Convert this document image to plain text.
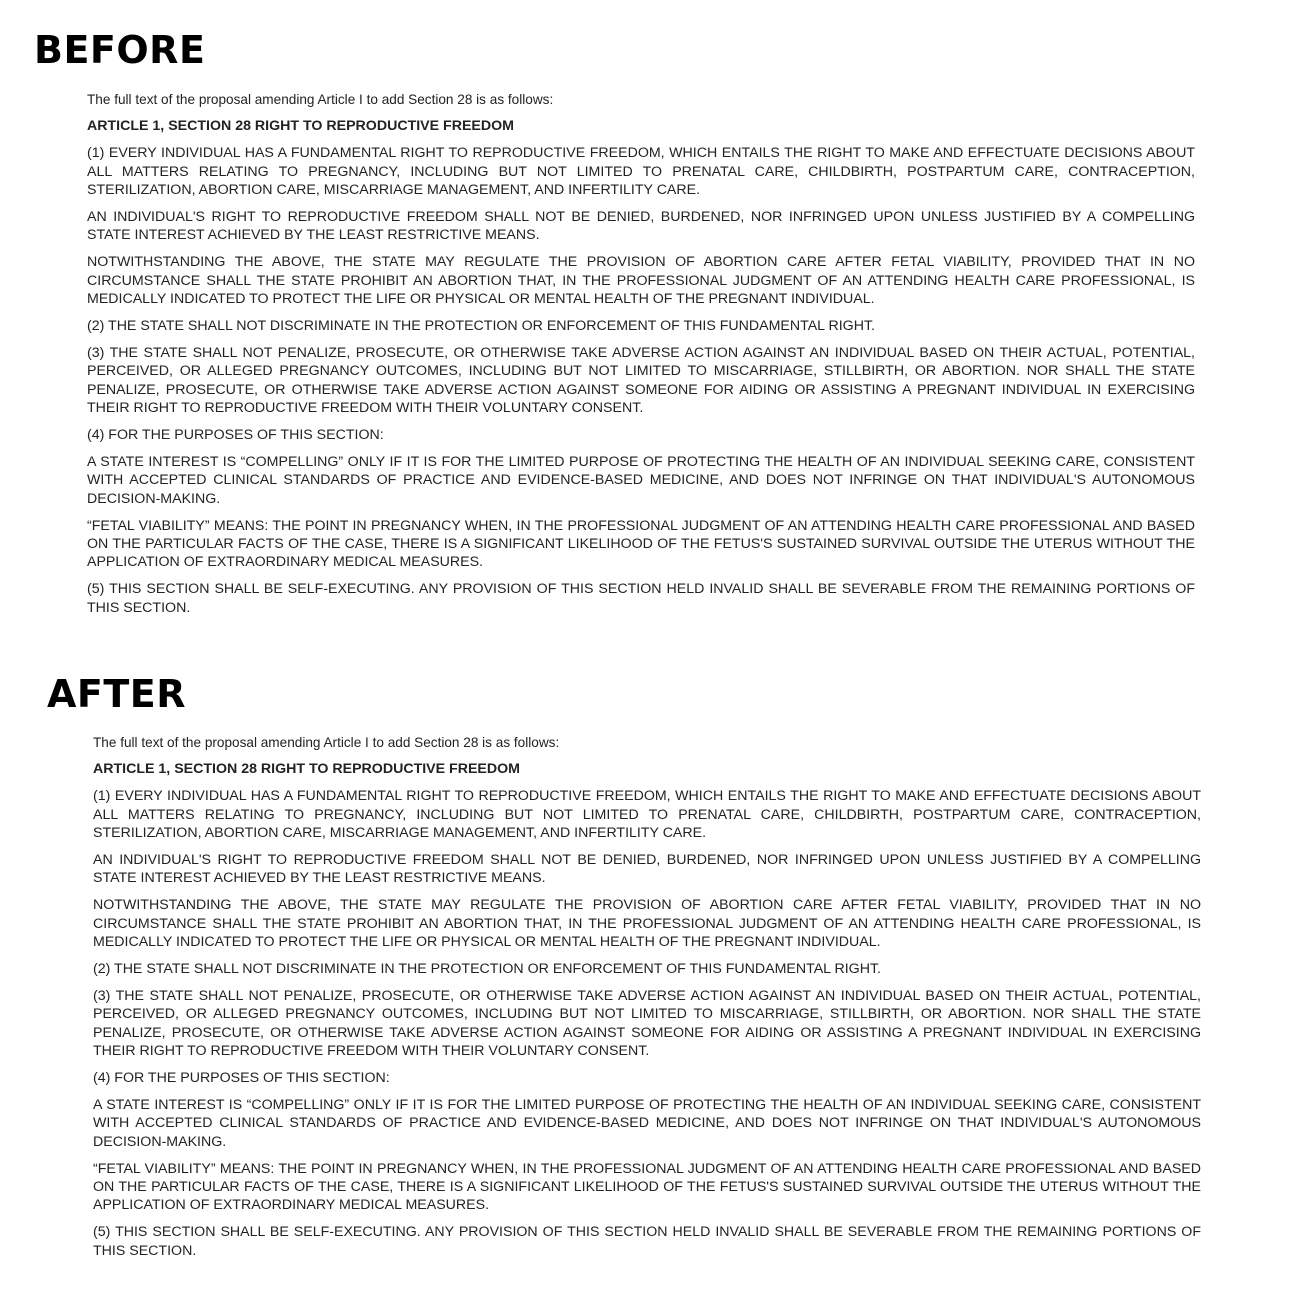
BEFORE

The full text of the proposal amending Article I to add Section 28 is as follows:

ARTICLE 1, SECTION 28 RIGHT TO REPRODUCTIVE FREEDOM

(1) EVERY INDIVIDUAL HAS A FUNDAMENTAL RIGHT TO REPRODUCTIVE FREEDOM, WHICH ENTAILS THE RIGHT TO MAKE AND EFFECTUATE DECISIONS ABOUT ALL MATTERS RELATING TO PREGNANCY, INCLUDING BUT NOT LIMITED TO PRENATAL CARE, CHILDBIRTH, POSTPARTUM CARE, CONTRACEPTION, STERILIZATION, ABORTION CARE, MISCARRIAGE MANAGEMENT, AND INFERTILITY CARE.

AN INDIVIDUAL'S RIGHT TO REPRODUCTIVE FREEDOM SHALL NOT BE DENIED, BURDENED, NOR INFRINGED UPON UNLESS JUSTIFIED BY A COMPELLING STATE INTEREST ACHIEVED BY THE LEAST RESTRICTIVE MEANS.

NOTWITHSTANDING THE ABOVE, THE STATE MAY REGULATE THE PROVISION OF ABORTION CARE AFTER FETAL VIABILITY, PROVIDED THAT IN NO CIRCUMSTANCE SHALL THE STATE PROHIBIT AN ABORTION THAT, IN THE PROFESSIONAL JUDGMENT OF AN ATTENDING HEALTH CARE PROFESSIONAL, IS MEDICALLY INDICATED TO PROTECT THE LIFE OR PHYSICAL OR MENTAL HEALTH OF THE PREGNANT INDIVIDUAL.

(2) THE STATE SHALL NOT DISCRIMINATE IN THE PROTECTION OR ENFORCEMENT OF THIS FUNDAMENTAL RIGHT.

(3) THE STATE SHALL NOT PENALIZE, PROSECUTE, OR OTHERWISE TAKE ADVERSE ACTION AGAINST AN INDIVIDUAL BASED ON THEIR ACTUAL, POTENTIAL, PERCEIVED, OR ALLEGED PREGNANCY OUTCOMES, INCLUDING BUT NOT LIMITED TO MISCARRIAGE, STILLBIRTH, OR ABORTION. NOR SHALL THE STATE PENALIZE, PROSECUTE, OR OTHERWISE TAKE ADVERSE ACTION AGAINST SOMEONE FOR AIDING OR ASSISTING A PREGNANT INDIVIDUAL IN EXERCISING THEIR RIGHT TO REPRODUCTIVE FREEDOM WITH THEIR VOLUNTARY CONSENT.

(4) FOR THE PURPOSES OF THIS SECTION:

A STATE INTEREST IS “COMPELLING” ONLY IF IT IS FOR THE LIMITED PURPOSE OF PROTECTING THE HEALTH OF AN INDIVIDUAL SEEKING CARE, CONSISTENT WITH ACCEPTED CLINICAL STANDARDS OF PRACTICE AND EVIDENCE-BASED MEDICINE, AND DOES NOT INFRINGE ON THAT INDIVIDUAL'S AUTONOMOUS DECISION-MAKING.

“FETAL VIABILITY” MEANS: THE POINT IN PREGNANCY WHEN, IN THE PROFESSIONAL JUDGMENT OF AN ATTENDING HEALTH CARE PROFESSIONAL AND BASED ON THE PARTICULAR FACTS OF THE CASE, THERE IS A SIGNIFICANT LIKELIHOOD OF THE FETUS'S SUSTAINED SURVIVAL OUTSIDE THE UTERUS WITHOUT THE APPLICATION OF EXTRAORDINARY MEDICAL MEASURES.

(5) THIS SECTION SHALL BE SELF-EXECUTING. ANY PROVISION OF THIS SECTION HELD INVALID SHALL BE SEVERABLE FROM THE REMAINING PORTIONS OF THIS SECTION.

AFTER

The full text of the proposal amending Article I to add Section 28 is as follows:

ARTICLE 1, SECTION 28 RIGHT TO REPRODUCTIVE FREEDOM

(1) EVERY INDIVIDUAL HAS A FUNDAMENTAL RIGHT TO REPRODUCTIVE FREEDOM, WHICH ENTAILS THE RIGHT TO MAKE AND EFFECTUATE DECISIONS ABOUT ALL MATTERS RELATING TO PREGNANCY, INCLUDING BUT NOT LIMITED TO PRENATAL CARE, CHILDBIRTH, POSTPARTUM CARE, CONTRACEPTION, STERILIZATION, ABORTION CARE, MISCARRIAGE MANAGEMENT, AND INFERTILITY CARE.

AN INDIVIDUAL'S RIGHT TO REPRODUCTIVE FREEDOM SHALL NOT BE DENIED, BURDENED, NOR INFRINGED UPON UNLESS JUSTIFIED BY A COMPELLING STATE INTEREST ACHIEVED BY THE LEAST RESTRICTIVE MEANS.

NOTWITHSTANDING THE ABOVE, THE STATE MAY REGULATE THE PROVISION OF ABORTION CARE AFTER FETAL VIABILITY, PROVIDED THAT IN NO CIRCUMSTANCE SHALL THE STATE PROHIBIT AN ABORTION THAT, IN THE PROFESSIONAL JUDGMENT OF AN ATTENDING HEALTH CARE PROFESSIONAL, IS MEDICALLY INDICATED TO PROTECT THE LIFE OR PHYSICAL OR MENTAL HEALTH OF THE PREGNANT INDIVIDUAL.

(2) THE STATE SHALL NOT DISCRIMINATE IN THE PROTECTION OR ENFORCEMENT OF THIS FUNDAMENTAL RIGHT.

(3) THE STATE SHALL NOT PENALIZE, PROSECUTE, OR OTHERWISE TAKE ADVERSE ACTION AGAINST AN INDIVIDUAL BASED ON THEIR ACTUAL, POTENTIAL, PERCEIVED, OR ALLEGED PREGNANCY OUTCOMES, INCLUDING BUT NOT LIMITED TO MISCARRIAGE, STILLBIRTH, OR ABORTION. NOR SHALL THE STATE PENALIZE, PROSECUTE, OR OTHERWISE TAKE ADVERSE ACTION AGAINST SOMEONE FOR AIDING OR ASSISTING A PREGNANT INDIVIDUAL IN EXERCISING THEIR RIGHT TO REPRODUCTIVE FREEDOM WITH THEIR VOLUNTARY CONSENT.

(4) FOR THE PURPOSES OF THIS SECTION:

A STATE INTEREST IS “COMPELLING” ONLY IF IT IS FOR THE LIMITED PURPOSE OF PROTECTING THE HEALTH OF AN INDIVIDUAL SEEKING CARE, CONSISTENT WITH ACCEPTED CLINICAL STANDARDS OF PRACTICE AND EVIDENCE-BASED MEDICINE, AND DOES NOT INFRINGE ON THAT INDIVIDUAL'S AUTONOMOUS DECISION-MAKING.

“FETAL VIABILITY” MEANS: THE POINT IN PREGNANCY WHEN, IN THE PROFESSIONAL JUDGMENT OF AN ATTENDING HEALTH CARE PROFESSIONAL AND BASED ON THE PARTICULAR FACTS OF THE CASE, THERE IS A SIGNIFICANT LIKELIHOOD OF THE FETUS'S SUSTAINED SURVIVAL OUTSIDE THE UTERUS WITHOUT THE APPLICATION OF EXTRAORDINARY MEDICAL MEASURES.

(5) THIS SECTION SHALL BE SELF-EXECUTING. ANY PROVISION OF THIS SECTION HELD INVALID SHALL BE SEVERABLE FROM THE REMAINING PORTIONS OF THIS SECTION.
